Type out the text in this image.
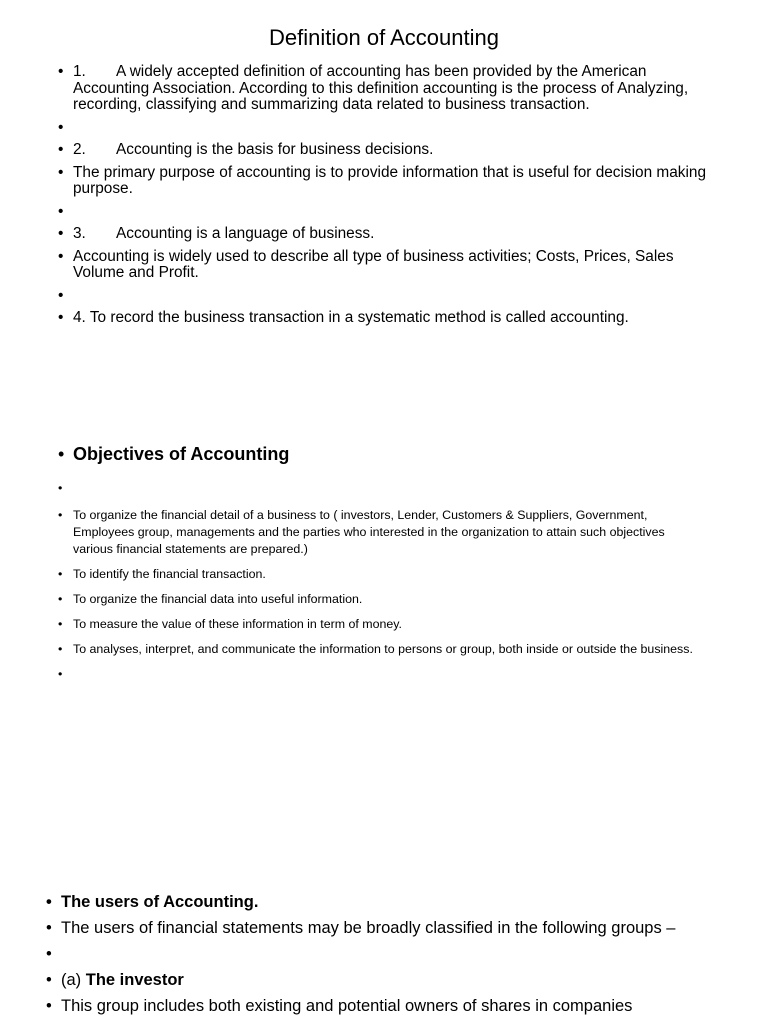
Definition of Accounting
• 1. A widely accepted definition of accounting has been provided by the American Accounting Association. According to this definition accounting is the process of Analyzing, recording, classifying and summarizing data related to business transaction.
•
• 2. Accounting is the basis for business decisions.
• The primary purpose of accounting is to provide information that is useful for decision making purpose.
•
• 3. Accounting is a language of business.
• Accounting is widely used to describe all type of business activities; Costs, Prices, Sales Volume and Profit.
•
• 4. To record the business transaction in a systematic method is called accounting.
• Objectives of Accounting
•
• To organize the financial detail of a business to ( investors, Lender, Customers & Suppliers, Government, Employees group, managements and the parties who interested in the organization to attain such objectives various financial statements are prepared.)
• To identify the financial transaction.
• To organize the financial data into useful information.
• To measure the value of these information in term of money.
• To analyses, interpret, and communicate the information to persons or group, both inside or outside the business.
•
• The users of Accounting.
• The users of financial statements may be broadly classified in the following groups –
•
• (a) The investor
• This group includes both existing and potential owners of shares in companies
